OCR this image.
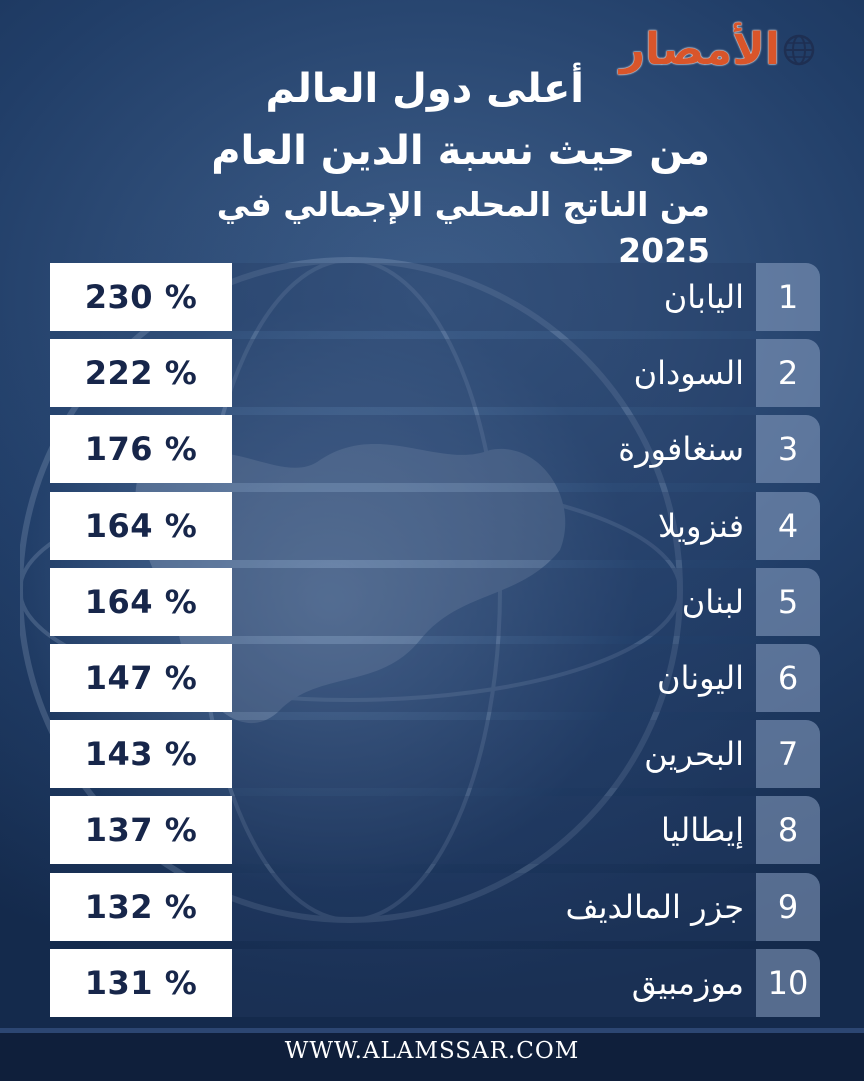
الأمصار

أعلى دول العالم

من حيث نسبة الدين العام

من الناتج المحلي الإجمالي في 2025

230 %	اليابان	1
222 %	السودان	2
176 %	سنغافورة	3
164 %	فنزويلا	4
164 %	لبنان	5
147 %	اليونان	6
143 %	البحرين	7
137 %	إيطاليا	8
132 %	جزر المالديف	9
131 %	موزمبيق 10
WWW.ALAMSSAR.COM
